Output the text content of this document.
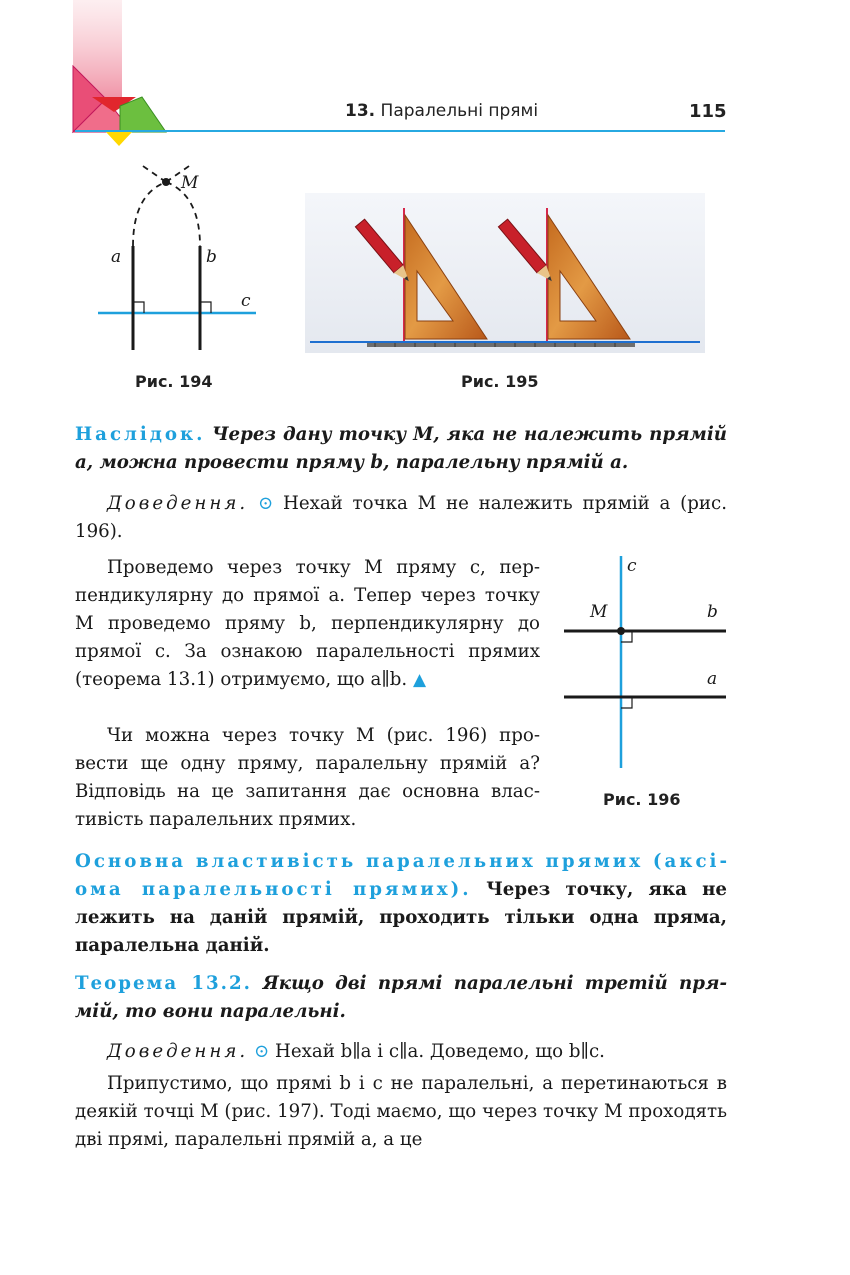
13. Паралельні прямі	115
M
a	b
c
Рис. 194	Рис. 195
Наслідок. Через дану точку M, яка не належить прямій a, можна провести пряму b, паралельну прямій a.
Доведення. ⊙ Нехай точка M не належить прямій a (рис. 196).
Проведемо через точку M пряму c, перпендикулярну до прямої a. Тепер через точку M проведемо пряму b, перпендикулярну до прямої c. За ознакою паралельності прямих (теорема 13.1) отримуємо, що a∥b. ▲
Чи можна через точку M (рис. 196) провести ще одну пряму, паралельну прямій a? Відповідь на це запитання дає основна властивість паралельних прямих.
c
M	b
a
Рис. 196
Основна властивість паралельних прямих (аксіома паралельності прямих). Через точку, яка не лежить на даній прямій, проходить тільки одна пряма, паралельна даній.
Теорема 13.2. Якщо дві прямі паралельні третій прямій, то вони паралельні.
Доведення. ⊙ Нехай b∥a і c∥a. Доведемо, що b∥c.
Припустимо, що прямі b і c не паралельні, а перетинаються в деякій точці M (рис. 197). Тоді маємо, що через точку M проходять дві прямі, паралельні прямій a, а це
